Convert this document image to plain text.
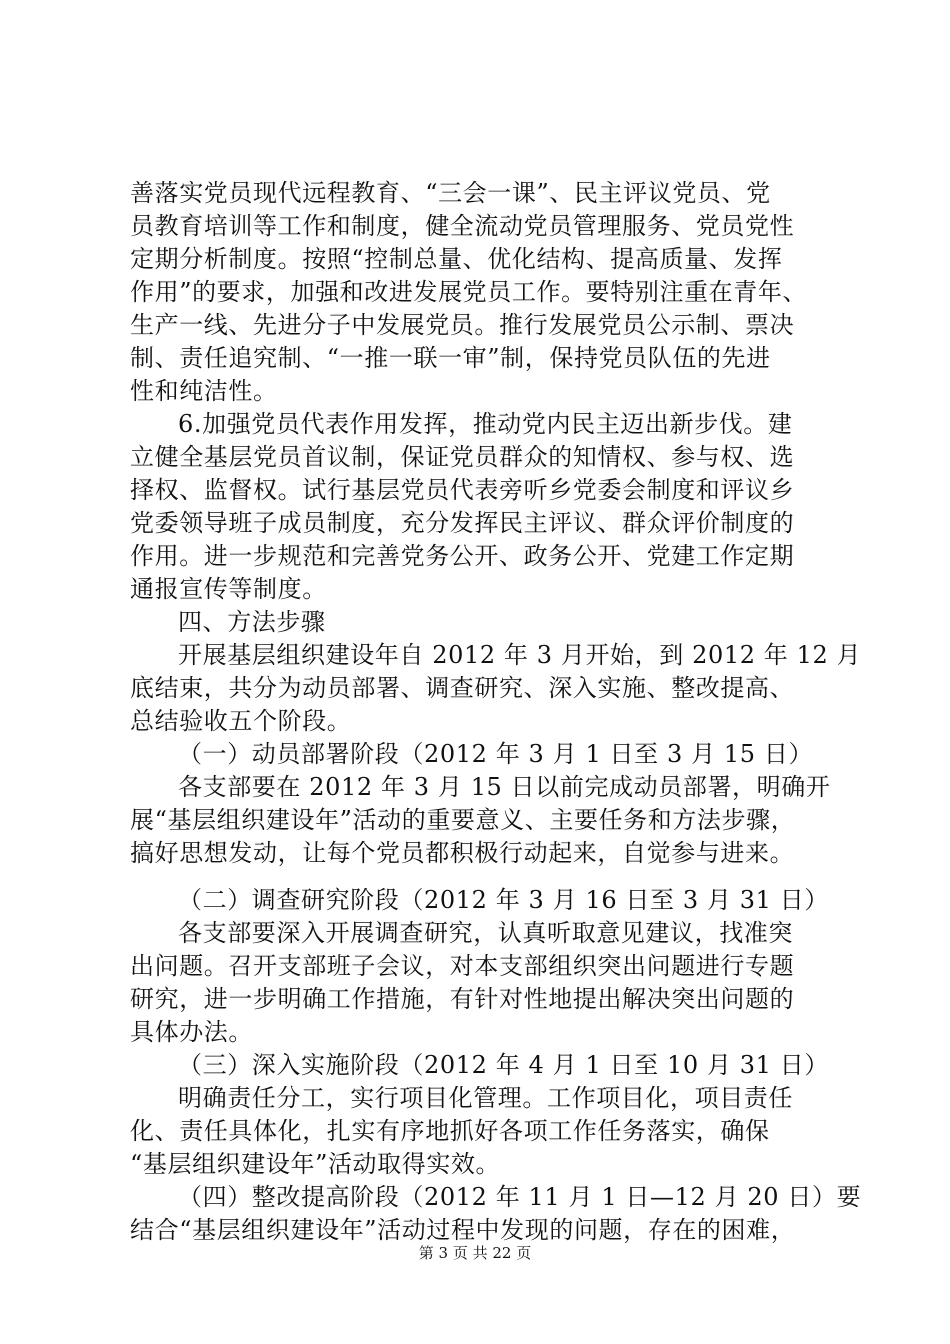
善落实党员现代远程教育、“三会一课”、民主评议党员、党
员教育培训等工作和制度，健全流动党员管理服务、党员党性
定期分析制度。按照“控制总量、优化结构、提高质量、发挥
作用”的要求，加强和改进发展党员工作。要特别注重在青年、
生产一线、先进分子中发展党员。推行发展党员公示制、票决
制、责任追究制、“一推一联一审”制，保持党员队伍的先进
性和纯洁性。
6.加强党员代表作用发挥，推动党内民主迈出新步伐。建
立健全基层党员首议制，保证党员群众的知情权、参与权、选
择权、监督权。试行基层党员代表旁听乡党委会制度和评议乡
党委领导班子成员制度，充分发挥民主评议、群众评价制度的
作用。进一步规范和完善党务公开、政务公开、党建工作定期
通报宣传等制度。
四、方法步骤
开展基层组织建设年自 2012 年 3 月开始，到 2012 年 12 月
底结束，共分为动员部署、调查研究、深入实施、整改提高、
总结验收五个阶段。
（一）动员部署阶段（2012 年 3 月 1 日至 3 月 15 日）
各支部要在 2012 年 3 月 15 日以前完成动员部署，明确开
展“基层组织建设年”活动的重要意义、主要任务和方法步骤，
搞好思想发动，让每个党员都积极行动起来，自觉参与进来。
（二）调查研究阶段（2012 年 3 月 16 日至 3 月 31 日）
各支部要深入开展调查研究，认真听取意见建议，找准突
出问题。召开支部班子会议，对本支部组织突出问题进行专题
研究，进一步明确工作措施，有针对性地提出解决突出问题的
具体办法。
（三）深入实施阶段（2012 年 4 月 1 日至 10 月 31 日）
明确责任分工，实行项目化管理。工作项目化，项目责任
化、责任具体化，扎实有序地抓好各项工作任务落实，确保
“基层组织建设年”活动取得实效。
（四）整改提高阶段（2012 年 11 月 1 日—12 月 20 日）要
结合“基层组织建设年”活动过程中发现的问题，存在的困难，
第 3 页 共 22 页
